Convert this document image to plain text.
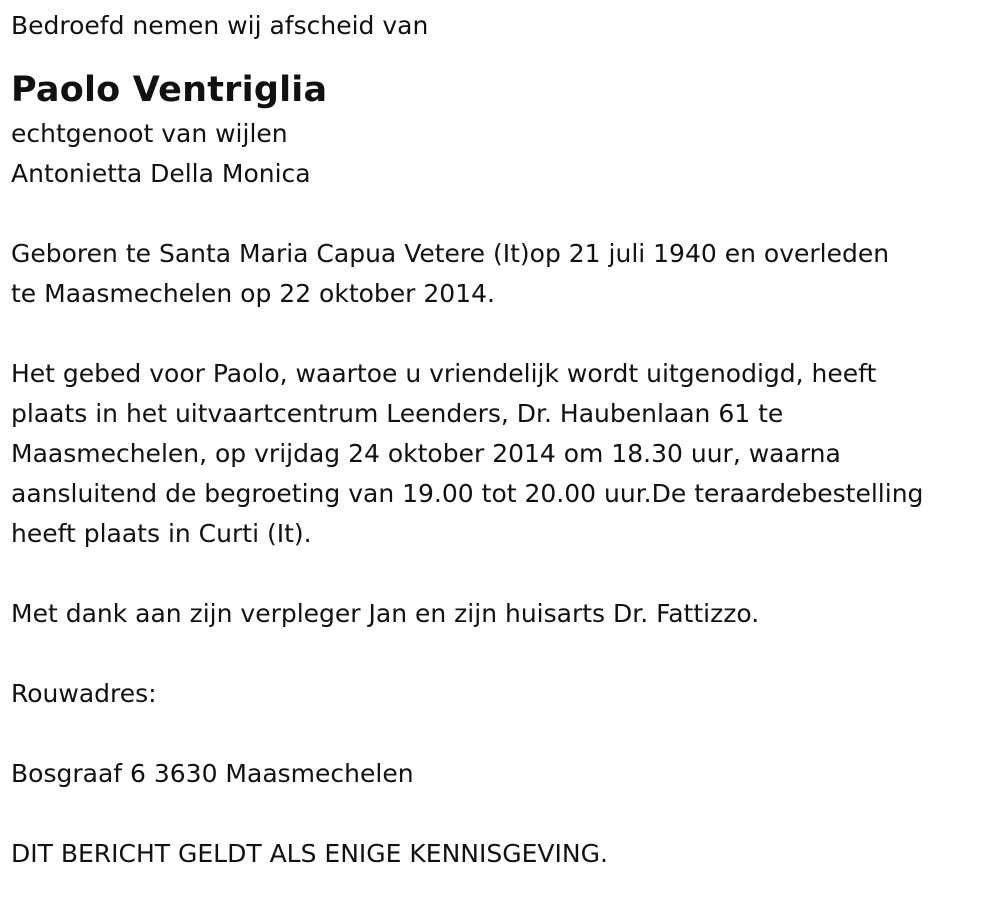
Bedroefd nemen wij afscheid van
Paolo Ventriglia
echtgenoot van wijlen
Antonietta Della Monica
Geboren te Santa Maria Capua Vetere (It)op 21 juli 1940 en overleden
te Maasmechelen op 22 oktober 2014.
Het gebed voor Paolo, waartoe u vriendelijk wordt uitgenodigd, heeft
plaats in het uitvaartcentrum Leenders, Dr. Haubenlaan 61 te
Maasmechelen, op vrijdag 24 oktober 2014 om 18.30 uur, waarna
aansluitend de begroeting van 19.00 tot 20.00 uur.De teraardebestelling
heeft plaats in Curti (It).
Met dank aan zijn verpleger Jan en zijn huisarts Dr. Fattizzo.
Rouwadres:
Bosgraaf 6 3630 Maasmechelen
DIT BERICHT GELDT ALS ENIGE KENNISGEVING.
